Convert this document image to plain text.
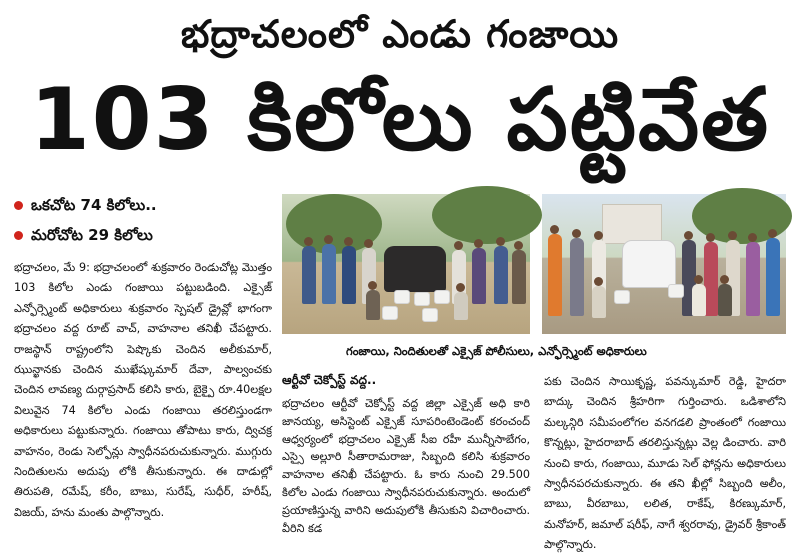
భద్రాచలంలో ఎండు గంజాయి
103 కిలోలు పట్టివేత
ఒకచోట 74 కిలోలు..
మరోచోట 29 కిలోలు
భద్రాచలం, మే 9: భద్రాచలంలో శుక్రవారం రెండుచోట్ల మొత్తం 103 కిలోల ఎండు గంజాయి పట్టుబడింది. ఎక్సైజ్ ఎన్ఫోర్స్మెంట్ అధికారులు శుక్రవారం స్పెషల్ డ్రైవ్లో భాగంగా భద్రాచలం వద్ద రూట్ వాచ్, వాహనాల తనిఖీ చేపట్టారు. రాజస్థాన్ రాష్ట్రంలోని పెష్కొకు చెందిన అలీకుమార్, ఝున్ఖానకు చెందిన ముఖేష్కుమార్ దేవా, పాల్వంచకు చెందిన లావణ్య దుర్గాప్రసాద్ కలిసి కారు, బైక్పై రూ.40లక్షల విలువైన 74 కిలోల ఎండు గంజాయి తరలిస్తుండగా అధికారులు పట్టుకున్నారు. గంజాయి తోపాటు కారు, ద్విచక్ర వాహనం, రెండు సెల్ఫోన్లు స్వాధీనపరుచుకున్నారు. ముగ్గురు నిందితులను అదుపు లోకి తీసుకున్నారు. ఈ దాడుల్లో తిరుపతి, రమేష్, కరీం, బాబు, సురేష్, సుధీర్, హరీష్, విజయ్, హను మంతు పాల్గొన్నారు.
గంజాయి, నిందితులతో ఎక్సైజ్ పోలీసులు, ఎన్ఫోర్స్మెంట్ అధికారులు
ఆర్టీవో చెక్పోస్ట్ వద్ద..
భద్రాచలం ఆర్టీవో చెక్పోస్ట్ వద్ద జిల్లా ఎక్సైజ్ అధి కారి జానయ్య, అసిస్టెంట్ ఎక్సైజ్ సూపరింటెండెంట్ కరంచంద్ ఆధ్వర్యంలో భద్రాచలం ఎక్సైజ్ సీఐ రహీ మున్నీసాబేగం, ఎస్సై అల్లూరి సీతారామరాజు, సిబ్బంది కలిసి శుక్రవారం వాహనాల తనిఖీ చేపట్టారు. ఓ కారు నుంచి 29.500 కిలోల ఎండు గంజాయి స్వాధీనపరుచుకున్నారు. అందులో ప్రయాణిస్తున్న వారిని అదుపులోకి తీసుకుని విచారించారు. వీరిని కడ
పకు చెందిన సాయికృష్ణ, పవన్కుమార్ రెడ్డి, హైదరా బాద్కు చెందిన శ్రీహరిగా గుర్తించారు. ఒడిశాలోని మల్కన్గిరి సమీపంలోగల వనగడలి ప్రాంతంలో గంజాయి కొన్నట్లు, హైదరాబాద్ తరలిస్తున్నట్లు వెల్ల డించారు. వారి నుంచి కారు, గంజాయి, మూడు సెల్ ఫోన్లను అధికారులు స్వాధీనపరచుకున్నారు. ఈ తని ఖీల్లో సిబ్బంది అలీం, బాబు, వీరబాబు, లలిత, రాకేష్, కిరణ్కుమార్, మనోహర్, జమాల్ షరీఫ్, నాగే శ్వరరావు, డ్రైవర్ శ్రీకాంత్ పాల్గొన్నారు.
